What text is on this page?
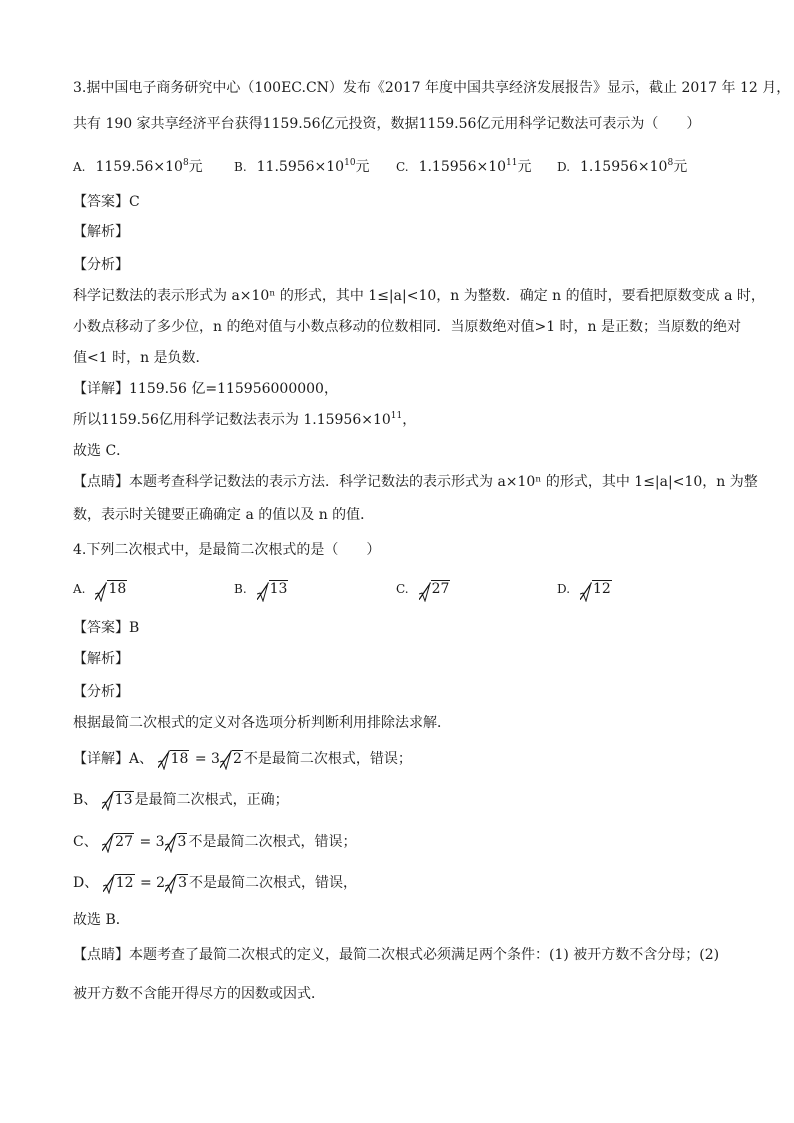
3.据中国电子商务研究中心（100EC.CN）发布《2017 年度中国共享经济发展报告》显示，截止 2017 年 12 月，
共有 190 家共享经济平台获得1159.56亿元投资，数据1159.56亿元用科学记数法可表示为（　　）
A. $1159.56\times 10^8$元	B. $11.5956\times 10^{10}$元 C. $1.15956\times 10^{11}$元 D. $1.15956\times 10^8$元
【答案】C
【解析】
【分析】
科学记数法的表示形式为 a×10ⁿ 的形式，其中 1≤|a|<10，n 为整数．确定 n 的值时，要看把原数变成 a 时，
小数点移动了多少位，n 的绝对值与小数点移动的位数相同．当原数绝对值>1 时，n 是正数；当原数的绝对
值<1 时，n 是负数．
【详解】1159.56 亿=115956000000，
所以1159.56亿用科学记数法表示为 $1.15956\times 10^{11}$，
故选 C．
【点睛】本题考查科学记数法的表示方法．科学记数法的表示形式为 a×10ⁿ 的形式，其中 1≤|a|<10，n 为整
数，表示时关键要正确确定 a 的值以及 n 的值．
4.下列二次根式中，是最简二次根式的是（　　）
A. 18	B. 13	C. 27	D. 12
【答案】B
【解析】
【分析】
根据最简二次根式的定义对各选项分析判断利用排除法求解．
【详解】A、 18 = 3 2 不是最简二次根式，错误；
B、 13 是最简二次根式，正确；
C、 27 = 3 3 不是最简二次根式，错误；
D、 12 = 2 3 不是最简二次根式，错误，
故选 B．
【点睛】本题考查了最简二次根式的定义，最简二次根式必须满足两个条件：(1) 被开方数不含分母；(2)
被开方数不含能开得尽方的因数或因式．
